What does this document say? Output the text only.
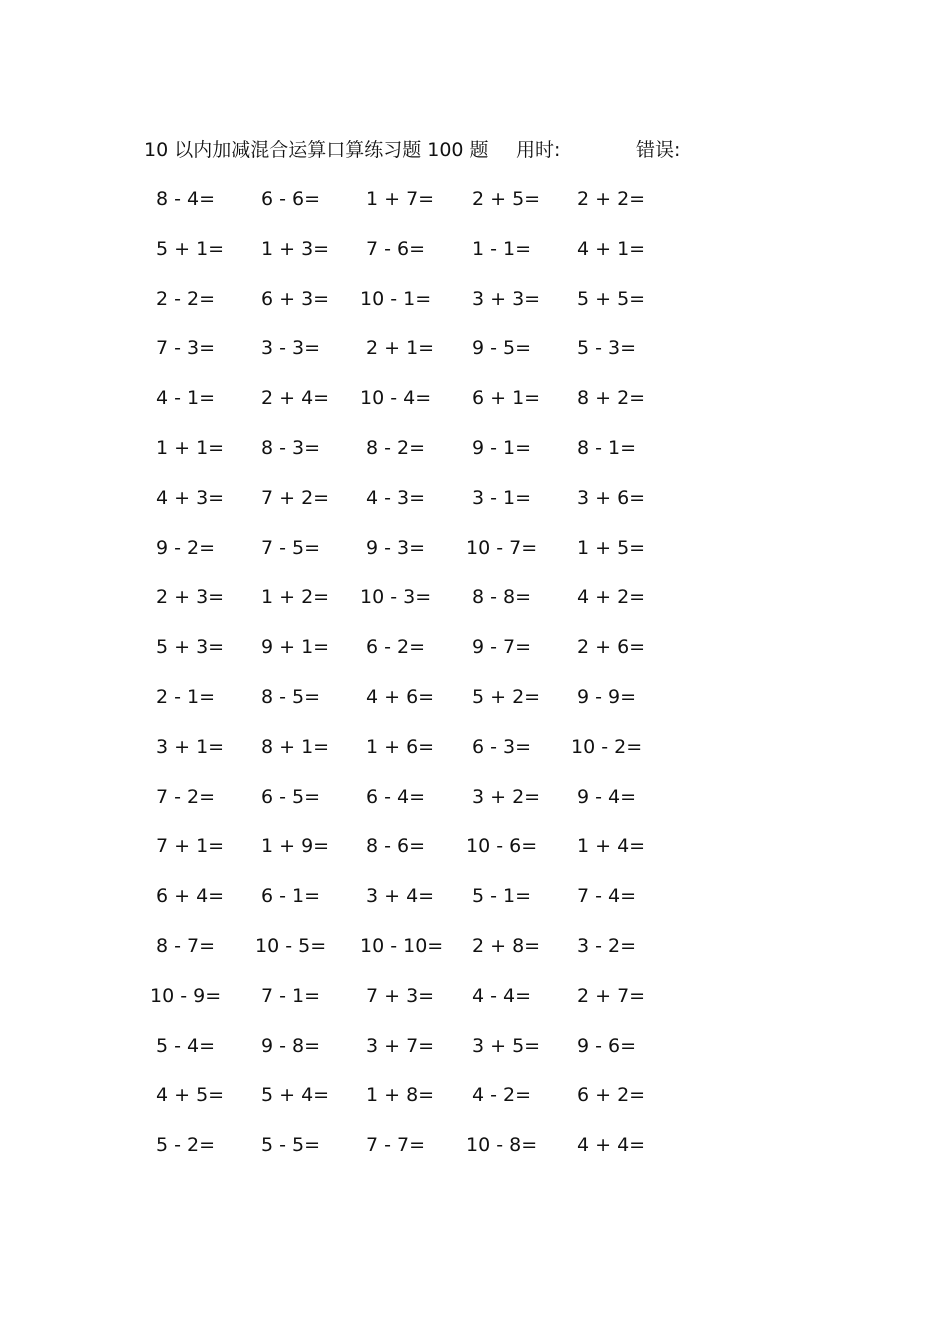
10 以内加减混合运算口算练习题 100 题 用时:	错误:
8 - 4= 6 - 6= 1 + 7= 2 + 5= 2 + 2=
5 + 1= 1 + 3= 7 - 6= 1 - 1= 4 + 1=
2 - 2= 6 + 3= 10 - 1= 3 + 3= 5 + 5=
7 - 3= 3 - 3= 2 + 1= 9 - 5= 5 - 3=
4 - 1= 2 + 4= 10 - 4= 6 + 1= 8 + 2=
1 + 1= 8 - 3= 8 - 2= 9 - 1= 8 - 1=
4 + 3= 7 + 2= 4 - 3= 3 - 1= 3 + 6=
9 - 2= 7 - 5= 9 - 3= 10 - 7= 1 + 5=
2 + 3= 1 + 2= 10 - 3= 8 - 8= 4 + 2=
5 + 3= 9 + 1= 6 - 2= 9 - 7= 2 + 6=
2 - 1= 8 - 5= 4 + 6= 5 + 2= 9 - 9=
3 + 1= 8 + 1= 1 + 6= 6 - 3= 10 - 2=
7 - 2= 6 - 5= 6 - 4= 3 + 2= 9 - 4=
7 + 1= 1 + 9= 8 - 6= 10 - 6= 1 + 4=
6 + 4= 6 - 1= 3 + 4= 5 - 1= 7 - 4=
8 - 7= 10 - 5= 10 - 10= 2 + 8= 3 - 2=
10 - 9= 7 - 1= 7 + 3= 4 - 4= 2 + 7=
5 - 4= 9 - 8= 3 + 7= 3 + 5= 9 - 6=
4 + 5= 5 + 4= 1 + 8= 4 - 2= 6 + 2=
5 - 2= 5 - 5= 7 - 7= 10 - 8= 4 + 4=
